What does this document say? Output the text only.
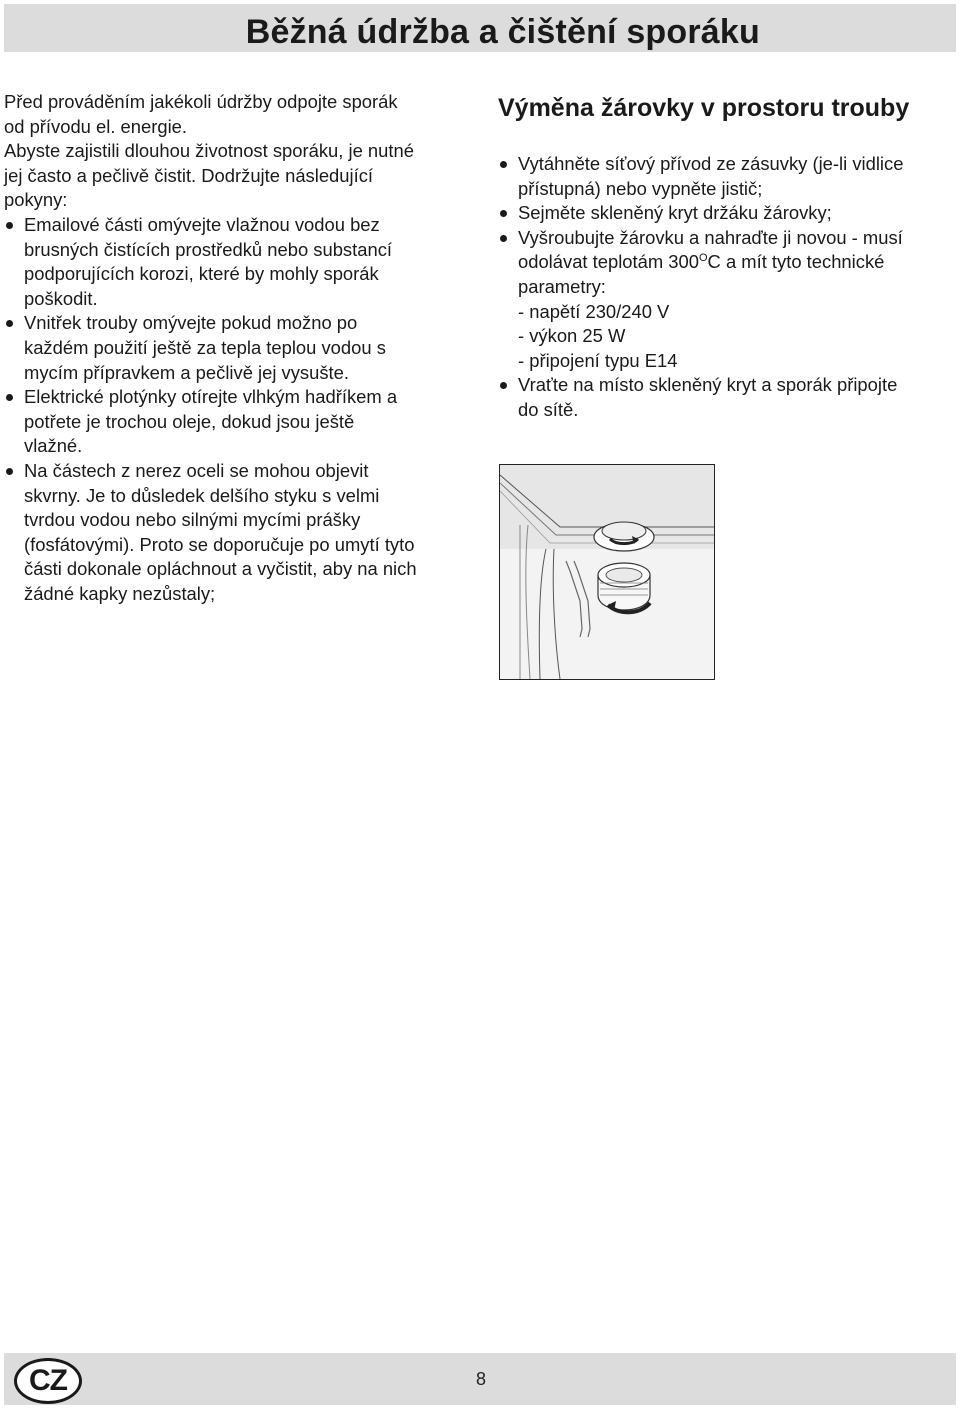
Běžná údržba a čištění sporáku

Před prováděním jakékoli údržby odpojte sporák
od přívodu el. energie.
Abyste zajistili dlouhou životnost sporáku, je nutné
jej často a pečlivě čistit. Dodržujte následující
pokyny:

Emailové části omývejte vlažnou vodou bez
brusných čistících prostředků nebo substancí
podporujících korozi, které by mohly sporák
poškodit.
Vnitřek trouby omývejte pokud možno po
každém použití ještě za tepla teplou vodou s
mycím přípravkem a pečlivě jej vysušte.
Elektrické plotýnky otírejte vlhkým hadříkem a
potřete je trochou oleje, dokud jsou ještě
vlažné.
Na částech z nerez oceli se mohou objevit
skvrny. Je to důsledek delšího styku s velmi
tvrdou vodou nebo silnými mycími prášky
(fosfátovými). Proto se doporučuje po umytí tyto
části dokonale opláchnout a vyčistit, aby na nich
žádné kapky nezůstaly;
Výměna žárovky v prostoru trouby
Vytáhněte síťový přívod ze zásuvky (je-li vidlice
přístupná) nebo vypněte jistič;
Sejměte skleněný kryt držáku žárovky;
Vyšroubujte žárovku a nahraďte ji novou - musí
odolávat teplotám $300^OC$ a mít tyto technické
parametry:
- napětí 230/240 V
- výkon 25 W
- připojení typu E14
Vraťte na místo skleněný kryt a sporák připojte
do sítě.
CZ	8
